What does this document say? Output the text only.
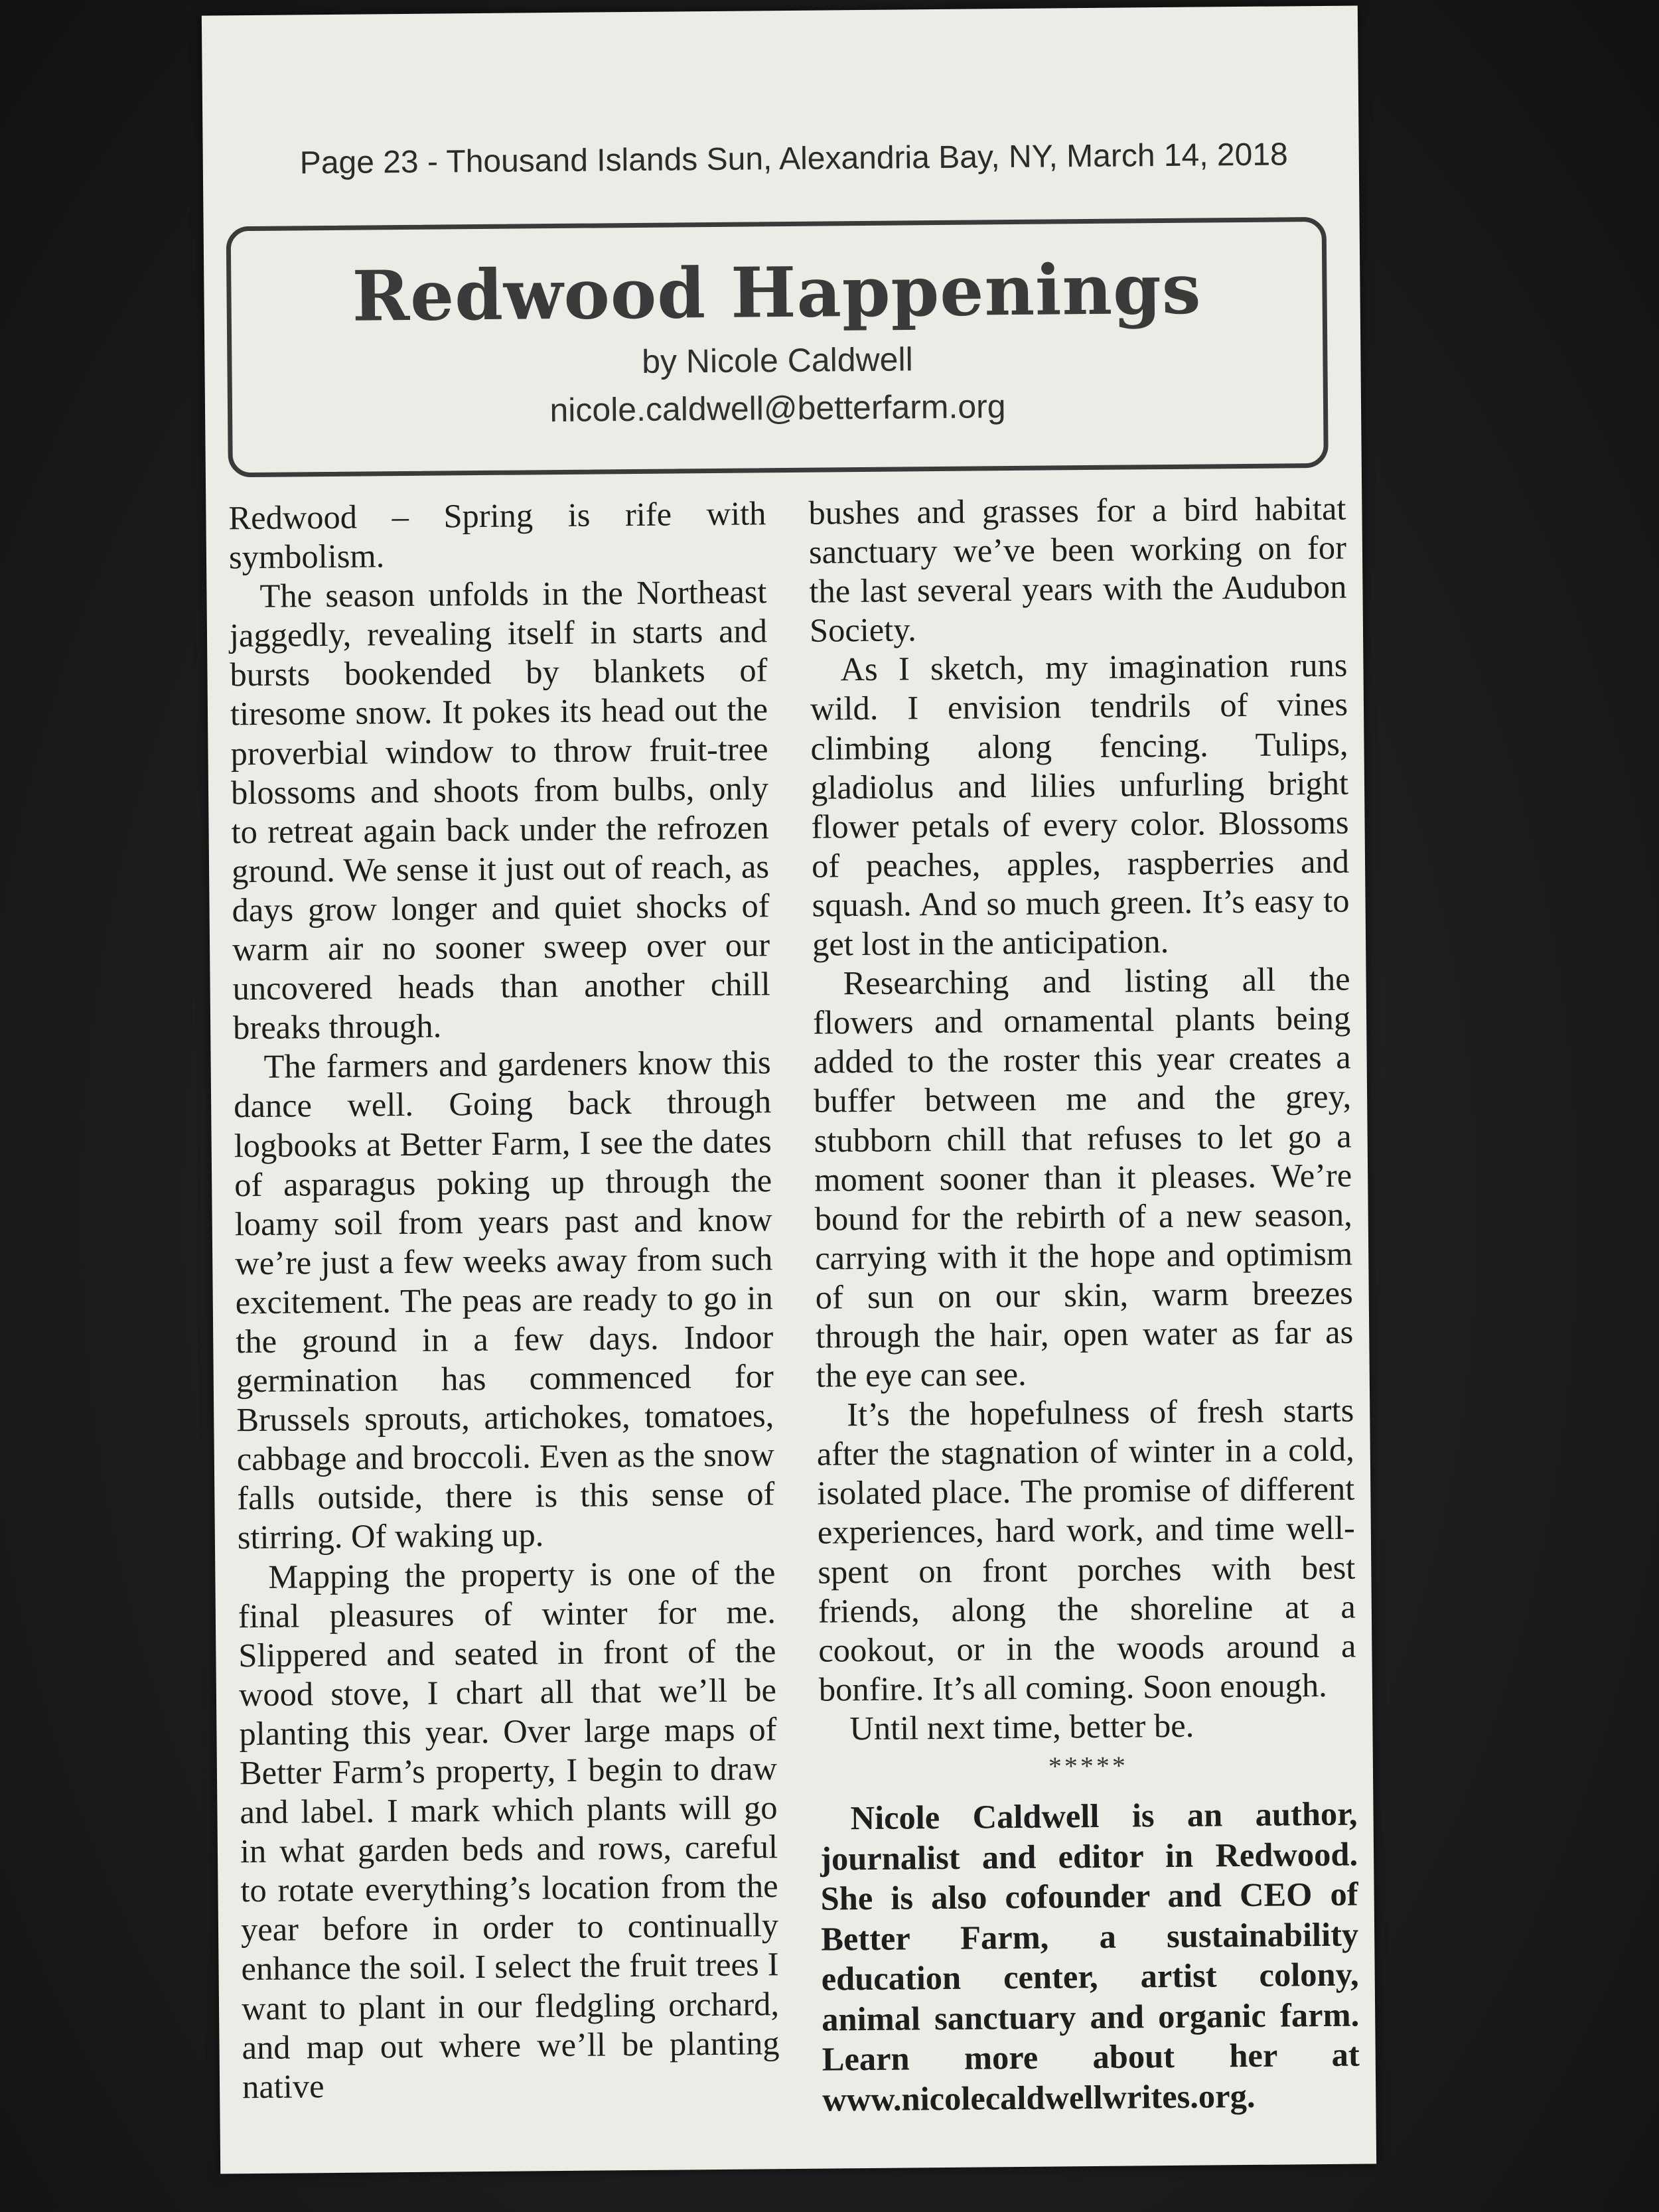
Page 23 - Thousand Islands Sun, Alexandria Bay, NY, March 14, 2018
Redwood Happenings
by Nicole Caldwell
nicole.caldwell@betterfarm.org

Redwood – Spring is rife with symbolism.

The season unfolds in the Northeast jaggedly, revealing itself in starts and bursts bookended by blankets of tiresome snow. It pokes its head out the proverbial window to throw fruit-tree blossoms and shoots from bulbs, only to retreat again back under the refrozen ground. We sense it just out of reach, as days grow longer and quiet shocks of warm air no sooner sweep over our uncovered heads than another chill breaks through.

The farmers and gardeners know this dance well. Going back through logbooks at Better Farm, I see the dates of asparagus poking up through the loamy soil from years past and know we’re just a few weeks away from such excitement. The peas are ready to go in the ground in a few days. Indoor germination has commenced for Brussels sprouts, artichokes, tomatoes, cabbage and broccoli. Even as the snow falls outside, there is this sense of stirring. Of waking up.

Mapping the property is one of the final pleasures of winter for me. Slippered and seated in front of the wood stove, I chart all that we’ll be planting this year. Over large maps of Better Farm’s property, I begin to draw and label. I mark which plants will go in what garden beds and rows, careful to rotate everything’s location from the year before in order to continually enhance the soil. I select the fruit trees I want to plant in our fledgling orchard, and map out where we’ll be planting native

bushes and grasses for a bird habitat sanctuary we’ve been working on for the last several years with the Audubon Society.

As I sketch, my imagination runs wild. I envision tendrils of vines climbing along fencing. Tulips, gladiolus and lilies unfurling bright flower petals of every color. Blossoms of peaches, apples, raspberries and squash. And so much green. It’s easy to get lost in the anticipation.

Researching and listing all the flowers and ornamental plants being added to the roster this year creates a buffer between me and the grey, stubborn chill that refuses to let go a moment sooner than it pleases. We’re bound for the rebirth of a new season, carrying with it the hope and optimism of sun on our skin, warm breezes through the hair, open water as far as the eye can see.

It’s the hopefulness of fresh starts after the stagnation of winter in a cold, isolated place. The promise of different experiences, hard work, and time well-spent on front porches with best friends, along the shoreline at a cookout, or in the woods around a bonfire. It’s all coming. Soon enough.

Until next time, better be.

*****

Nicole Caldwell is an author, journalist and editor in Redwood. She is also cofounder and CEO of Better Farm, a sustainability education center, artist colony, animal sanctuary and organic farm. Learn more about her at www.nicolecaldwellwrites.org.
